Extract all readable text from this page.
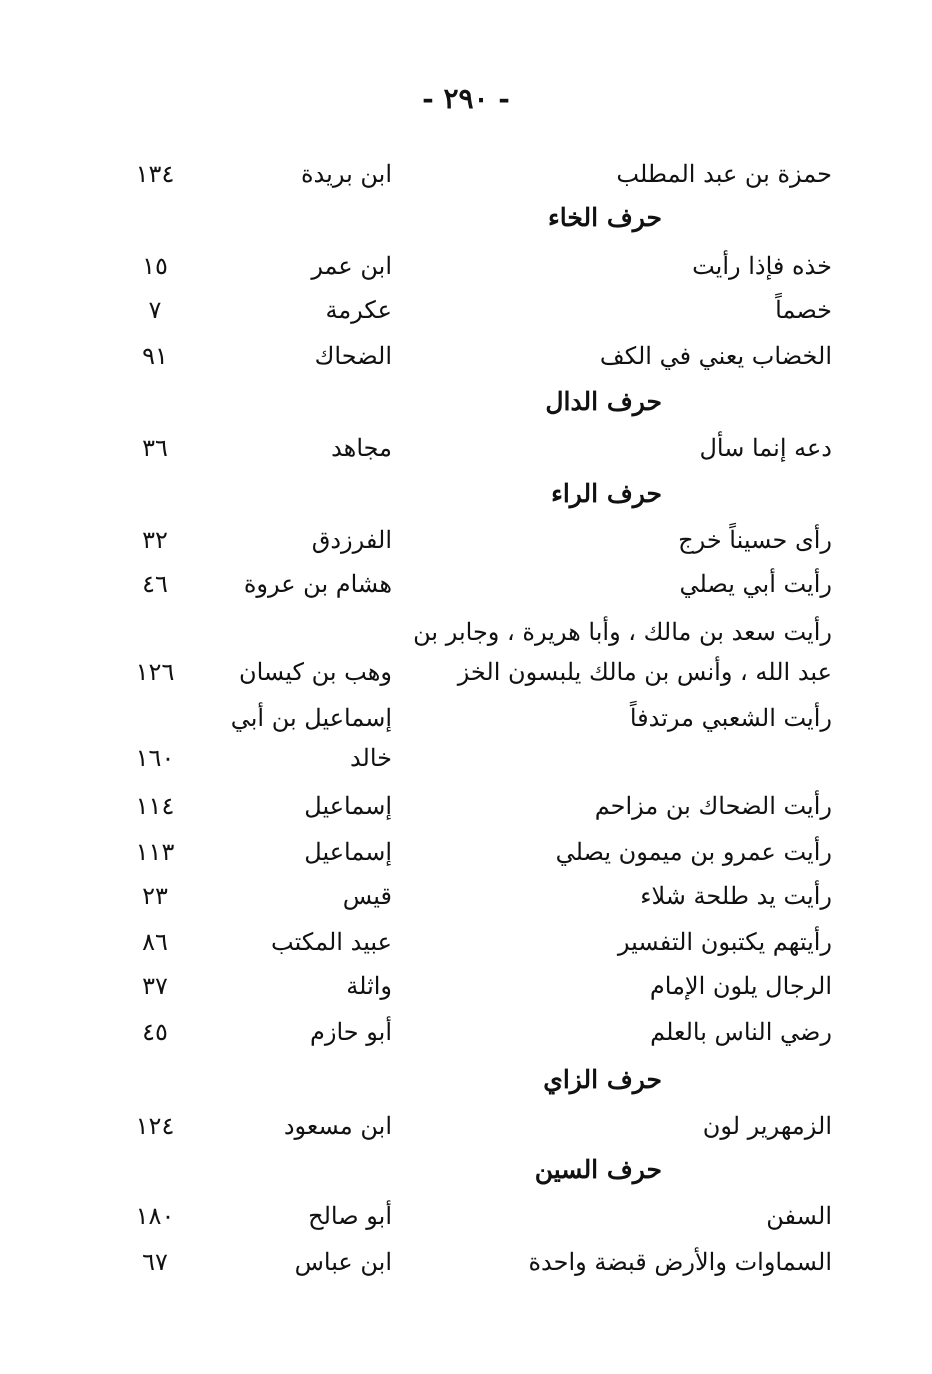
- ٢٩٠ -
حمزة بن عبد المطلب
ابن بريدة
١٣٤
حرف الخاء
خذه فإذا رأيت
ابن عمر
١٥
خصماً
عكرمة
٧
الخضاب يعني في الكف
الضحاك
٩١
حرف الدال
دعه إنما سأل
مجاهد
٣٦
حرف الراء
رأى حسيناً خرج
الفرزدق
٣٢
رأيت أبي يصلي
هشام بن عروة
٤٦
رأيت سعد بن مالك ، وأبا هريرة ، وجابر بن
عبد الله ، وأنس بن مالك يلبسون الخز
وهب بن كيسان
١٢٦
رأيت الشعبي مرتدفاً
إسماعيل بن أبي
خالد
١٦٠
رأيت الضحاك بن مزاحم
إسماعيل
١١٤
رأيت عمرو بن ميمون يصلي
إسماعيل
١١٣
رأيت يد طلحة شلاء
قيس
٢٣
رأيتهم يكتبون التفسير
عبيد المكتب
٨٦
الرجال يلون الإمام
واثلة
٣٧
رضي الناس بالعلم
أبو حازم
٤٥
حرف الزاي
الزمهرير لون
ابن مسعود
١٢٤
حرف السين
السفن
أبو صالح
١٨٠
السماوات والأرض قبضة واحدة
ابن عباس
٦٧
